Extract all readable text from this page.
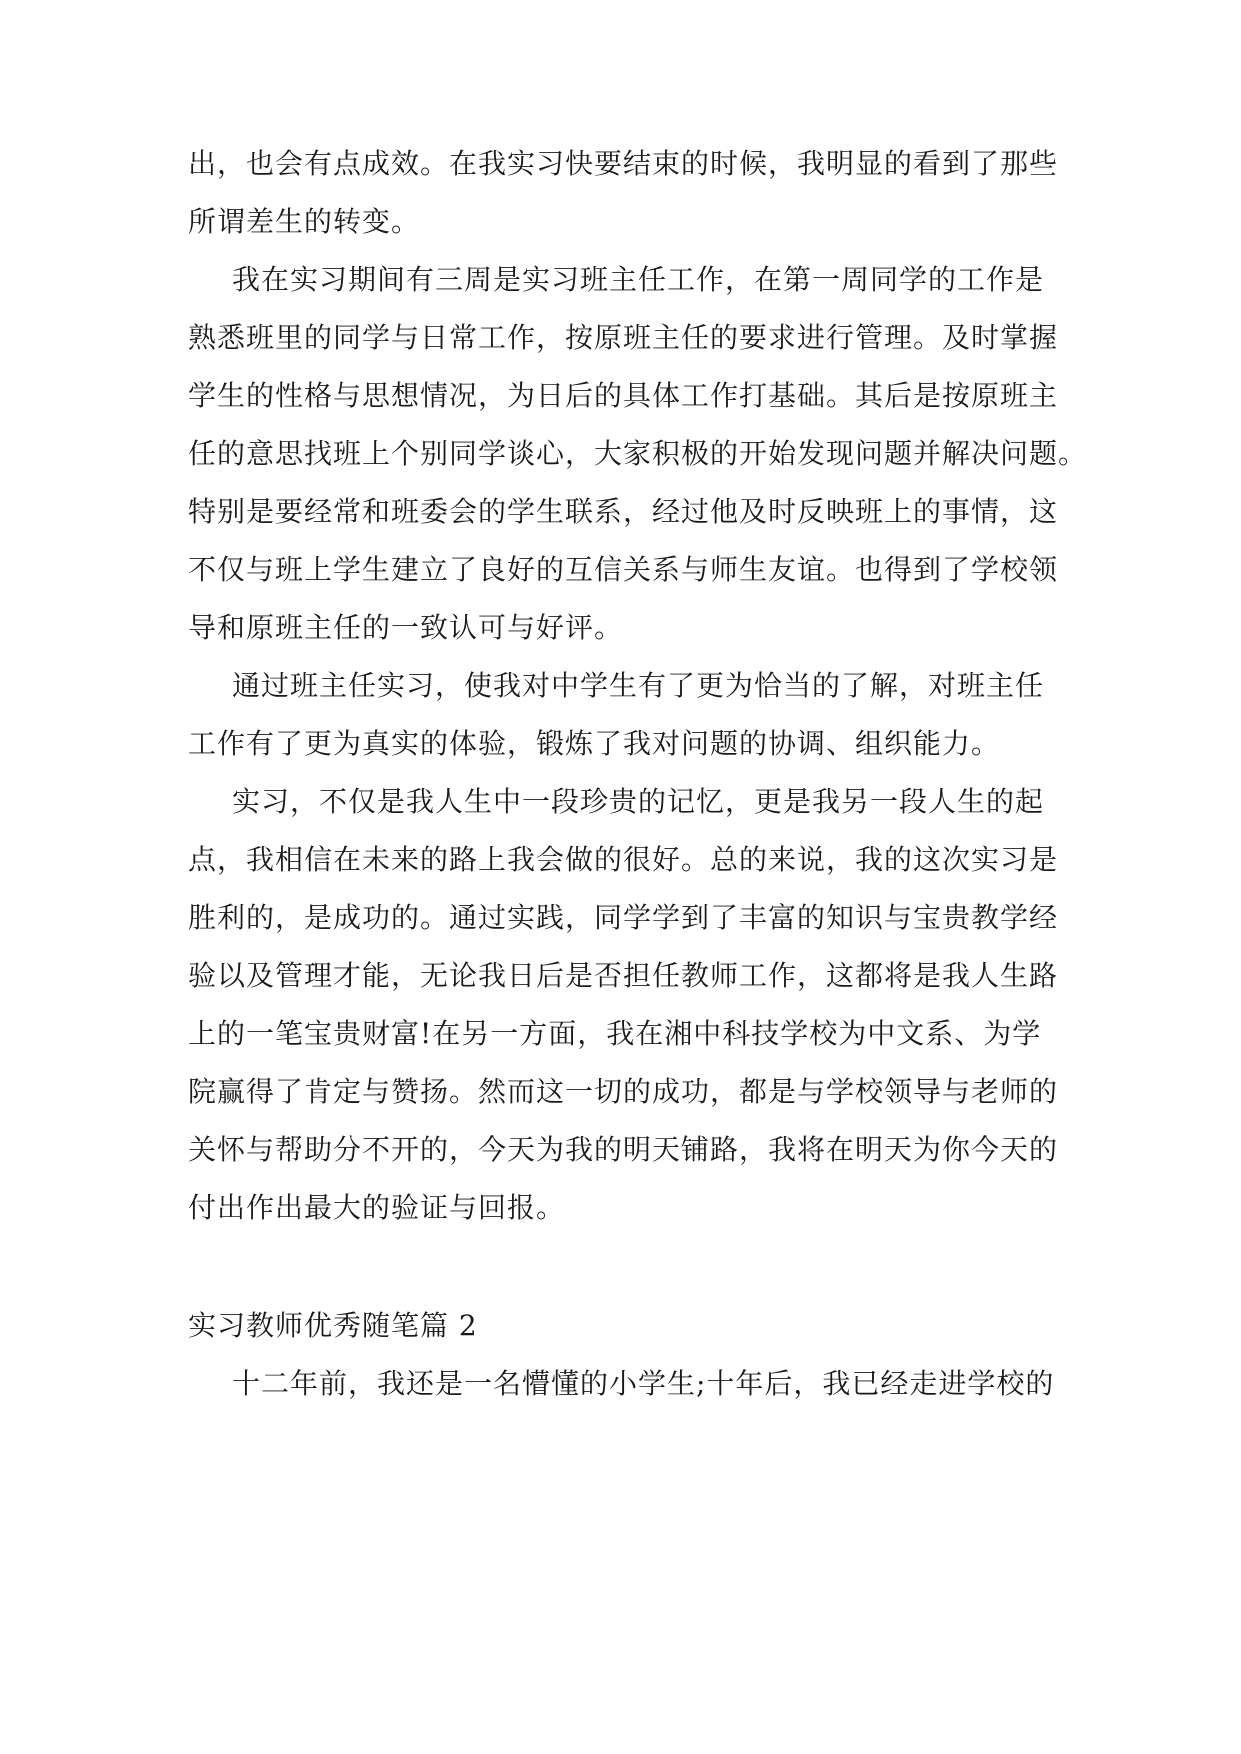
出，也会有点成效。在我实习快要结束的时候，我明显的看到了那些
所谓差生的转变。
我在实习期间有三周是实习班主任工作，在第一周同学的工作是
熟悉班里的同学与日常工作，按原班主任的要求进行管理。及时掌握
学生的性格与思想情况，为日后的具体工作打基础。其后是按原班主
任的意思找班上个别同学谈心，大家积极的开始发现问题并解决问题。
特别是要经常和班委会的学生联系，经过他及时反映班上的事情，这
不仅与班上学生建立了良好的互信关系与师生友谊。也得到了学校领
导和原班主任的一致认可与好评。
通过班主任实习，使我对中学生有了更为恰当的了解，对班主任
工作有了更为真实的体验，锻炼了我对问题的协调、组织能力。
实习，不仅是我人生中一段珍贵的记忆，更是我另一段人生的起
点，我相信在未来的路上我会做的很好。总的来说，我的这次实习是
胜利的，是成功的。通过实践，同学学到了丰富的知识与宝贵教学经
验以及管理才能，无论我日后是否担任教师工作，这都将是我人生路
上的一笔宝贵财富!在另一方面，我在湘中科技学校为中文系、为学
院赢得了肯定与赞扬。然而这一切的成功，都是与学校领导与老师的
关怀与帮助分不开的，今天为我的明天铺路，我将在明天为你今天的
付出作出最大的验证与回报。
实习教师优秀随笔篇 2
十二年前，我还是一名懵懂的小学生;十年后，我已经走进学校的
